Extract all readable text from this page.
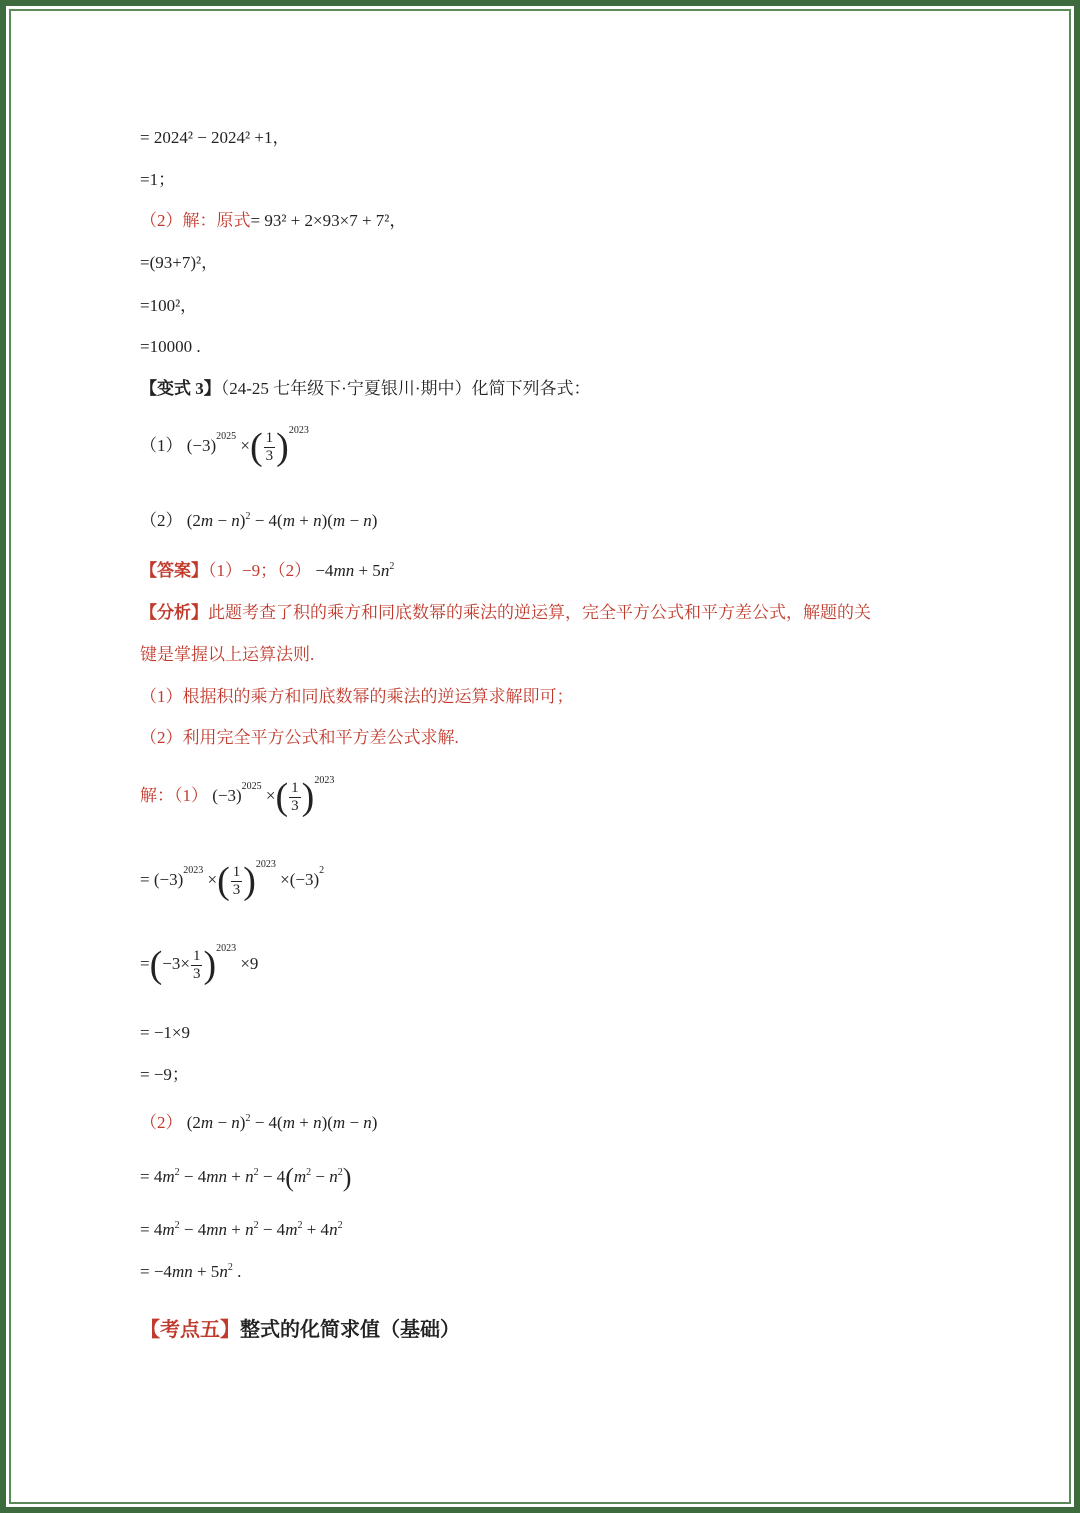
= 2024² − 2024² +1，
=1；
（2）解：原式= 93² + 2×93×7 + 7²，
=(93+7)²，
=100²，
=10000 .
【变式 3】（24-25 七年级下·宁夏银川·期中）化简下列各式：
（1） $(-3)^{2025}$ ×( $\frac{1}{3} )^{2023}$
（2） $(2m - n)^2 - 4(m + n)(m - n)$
【答案】（1）−9；$(2) -4mn + 5n^2$
【分析】此题考查了积的乘方和同底数幂的乘法的逆运算，完全平方公式和平方差公式，解题的关
键是掌握以上运算法则.
（1）根据积的乘方和同底数幂的乘法的逆运算求解即可；
（2）利用完全平方公式和平方差公式求解.
解：（1） $(-3)^{2025}$ ×( $\frac{1}{3} )^{2023}$
= $(-3)^{2023}$ ×( $\frac{1}{3} )^{2023} \times(-3)^2$
$=(-3\times \frac{1}{3} )^{2023} \times 9$
= −1×9
= −9；
（2） $(2m - n)^2 - 4(m + n)(m - n)$
= $4m^2 - 4mn + n^2 - 4(m^2 - n^2)$
= $4m^2 - 4mn + n^2 - 4m^2 + 4n^2$
= $-4mn + 5n^2$ .
【考点五】整式的化简求值（基础）
